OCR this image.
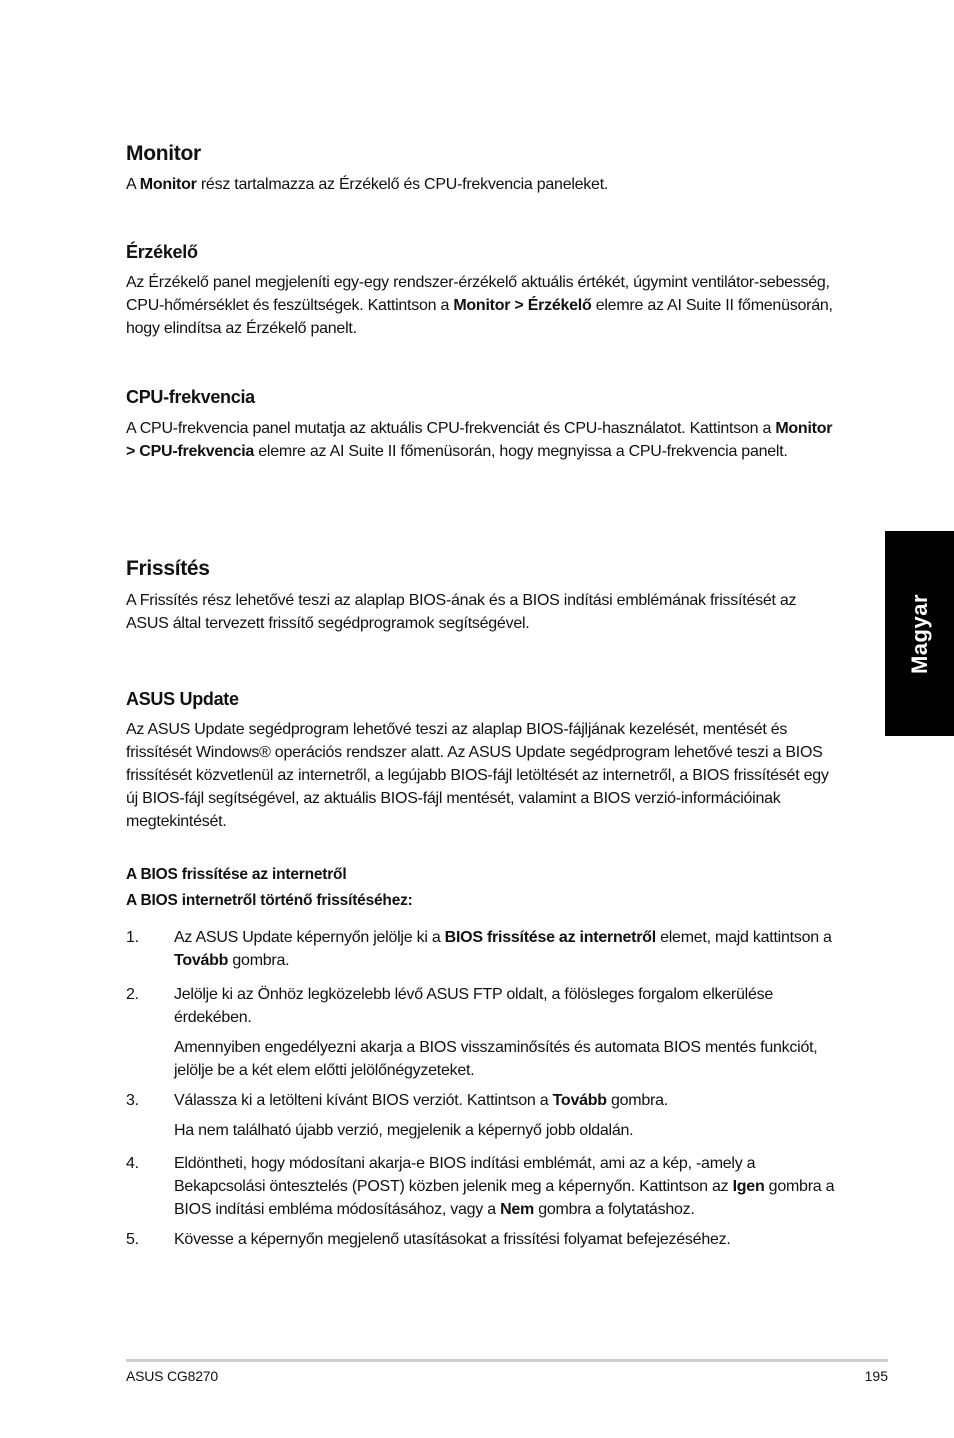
Monitor

A Monitor rész tartalmazza az Érzékelő és CPU-frekvencia paneleket.

Érzékelő

Az Érzékelő panel megjeleníti egy-egy rendszer-érzékelő aktuális értékét, úgymint ventilátor-sebesség, CPU-hőmérséklet és feszültségek. Kattintson a Monitor > Érzékelő elemre az AI Suite II főmenüsorán, hogy elindítsa az Érzékelő panelt.

CPU-frekvencia

A CPU-frekvencia panel mutatja az aktuális CPU-frekvenciát és CPU-használatot. Kattintson a Monitor > CPU-frekvencia elemre az AI Suite II főmenüsorán, hogy megnyissa a CPU-frekvencia panelt.

Frissítés

A Frissítés rész lehetővé teszi az alaplap BIOS-ának és a BIOS indítási emblémának frissítését az ASUS által tervezett frissítő segédprogramok segítségével.

ASUS Update

Az ASUS Update segédprogram lehetővé teszi az alaplap BIOS-fájljának kezelését, mentését és frissítését Windows® operációs rendszer alatt. Az ASUS Update segédprogram lehetővé teszi a BIOS frissítését közvetlenül az internetről, a legújabb BIOS-fájl letöltését az internetről, a BIOS frissítését egy új BIOS-fájl segítségével, az aktuális BIOS-fájl mentését, valamint a BIOS verzió-információinak megtekintését.

A BIOS frissítése az internetről
A BIOS internetről történő frissítéséhez:
1. Az ASUS Update képernyőn jelölje ki a BIOS frissítése az internetről elemet, majd kattintson a Tovább gombra.
2. Jelölje ki az Önhöz legközelebb lévő ASUS FTP oldalt, a fölösleges forgalom elkerülése érdekében.

Amennyiben engedélyezni akarja a BIOS visszaminősítés és automata BIOS mentés funkciót, jelölje be a két elem előtti jelölőnégyzeteket.

3. Válassza ki a letölteni kívánt BIOS verziót. Kattintson a Tovább gombra.

Ha nem található újabb verzió, megjelenik a képernyő jobb oldalán.

4. Eldöntheti, hogy módosítani akarja-e BIOS indítási emblémát, ami az a kép, -amely a Bekapcsolási öntesztelés (POST) közben jelenik meg a képernyőn. Kattintson az Igen gombra a BIOS indítási embléma módosításához, vagy a Nem gombra a folytatáshoz.
5. Kövesse a képernyőn megjelenő utasításokat a frissítési folyamat befejezéséhez.
Magyar
ASUS CG8270	195
